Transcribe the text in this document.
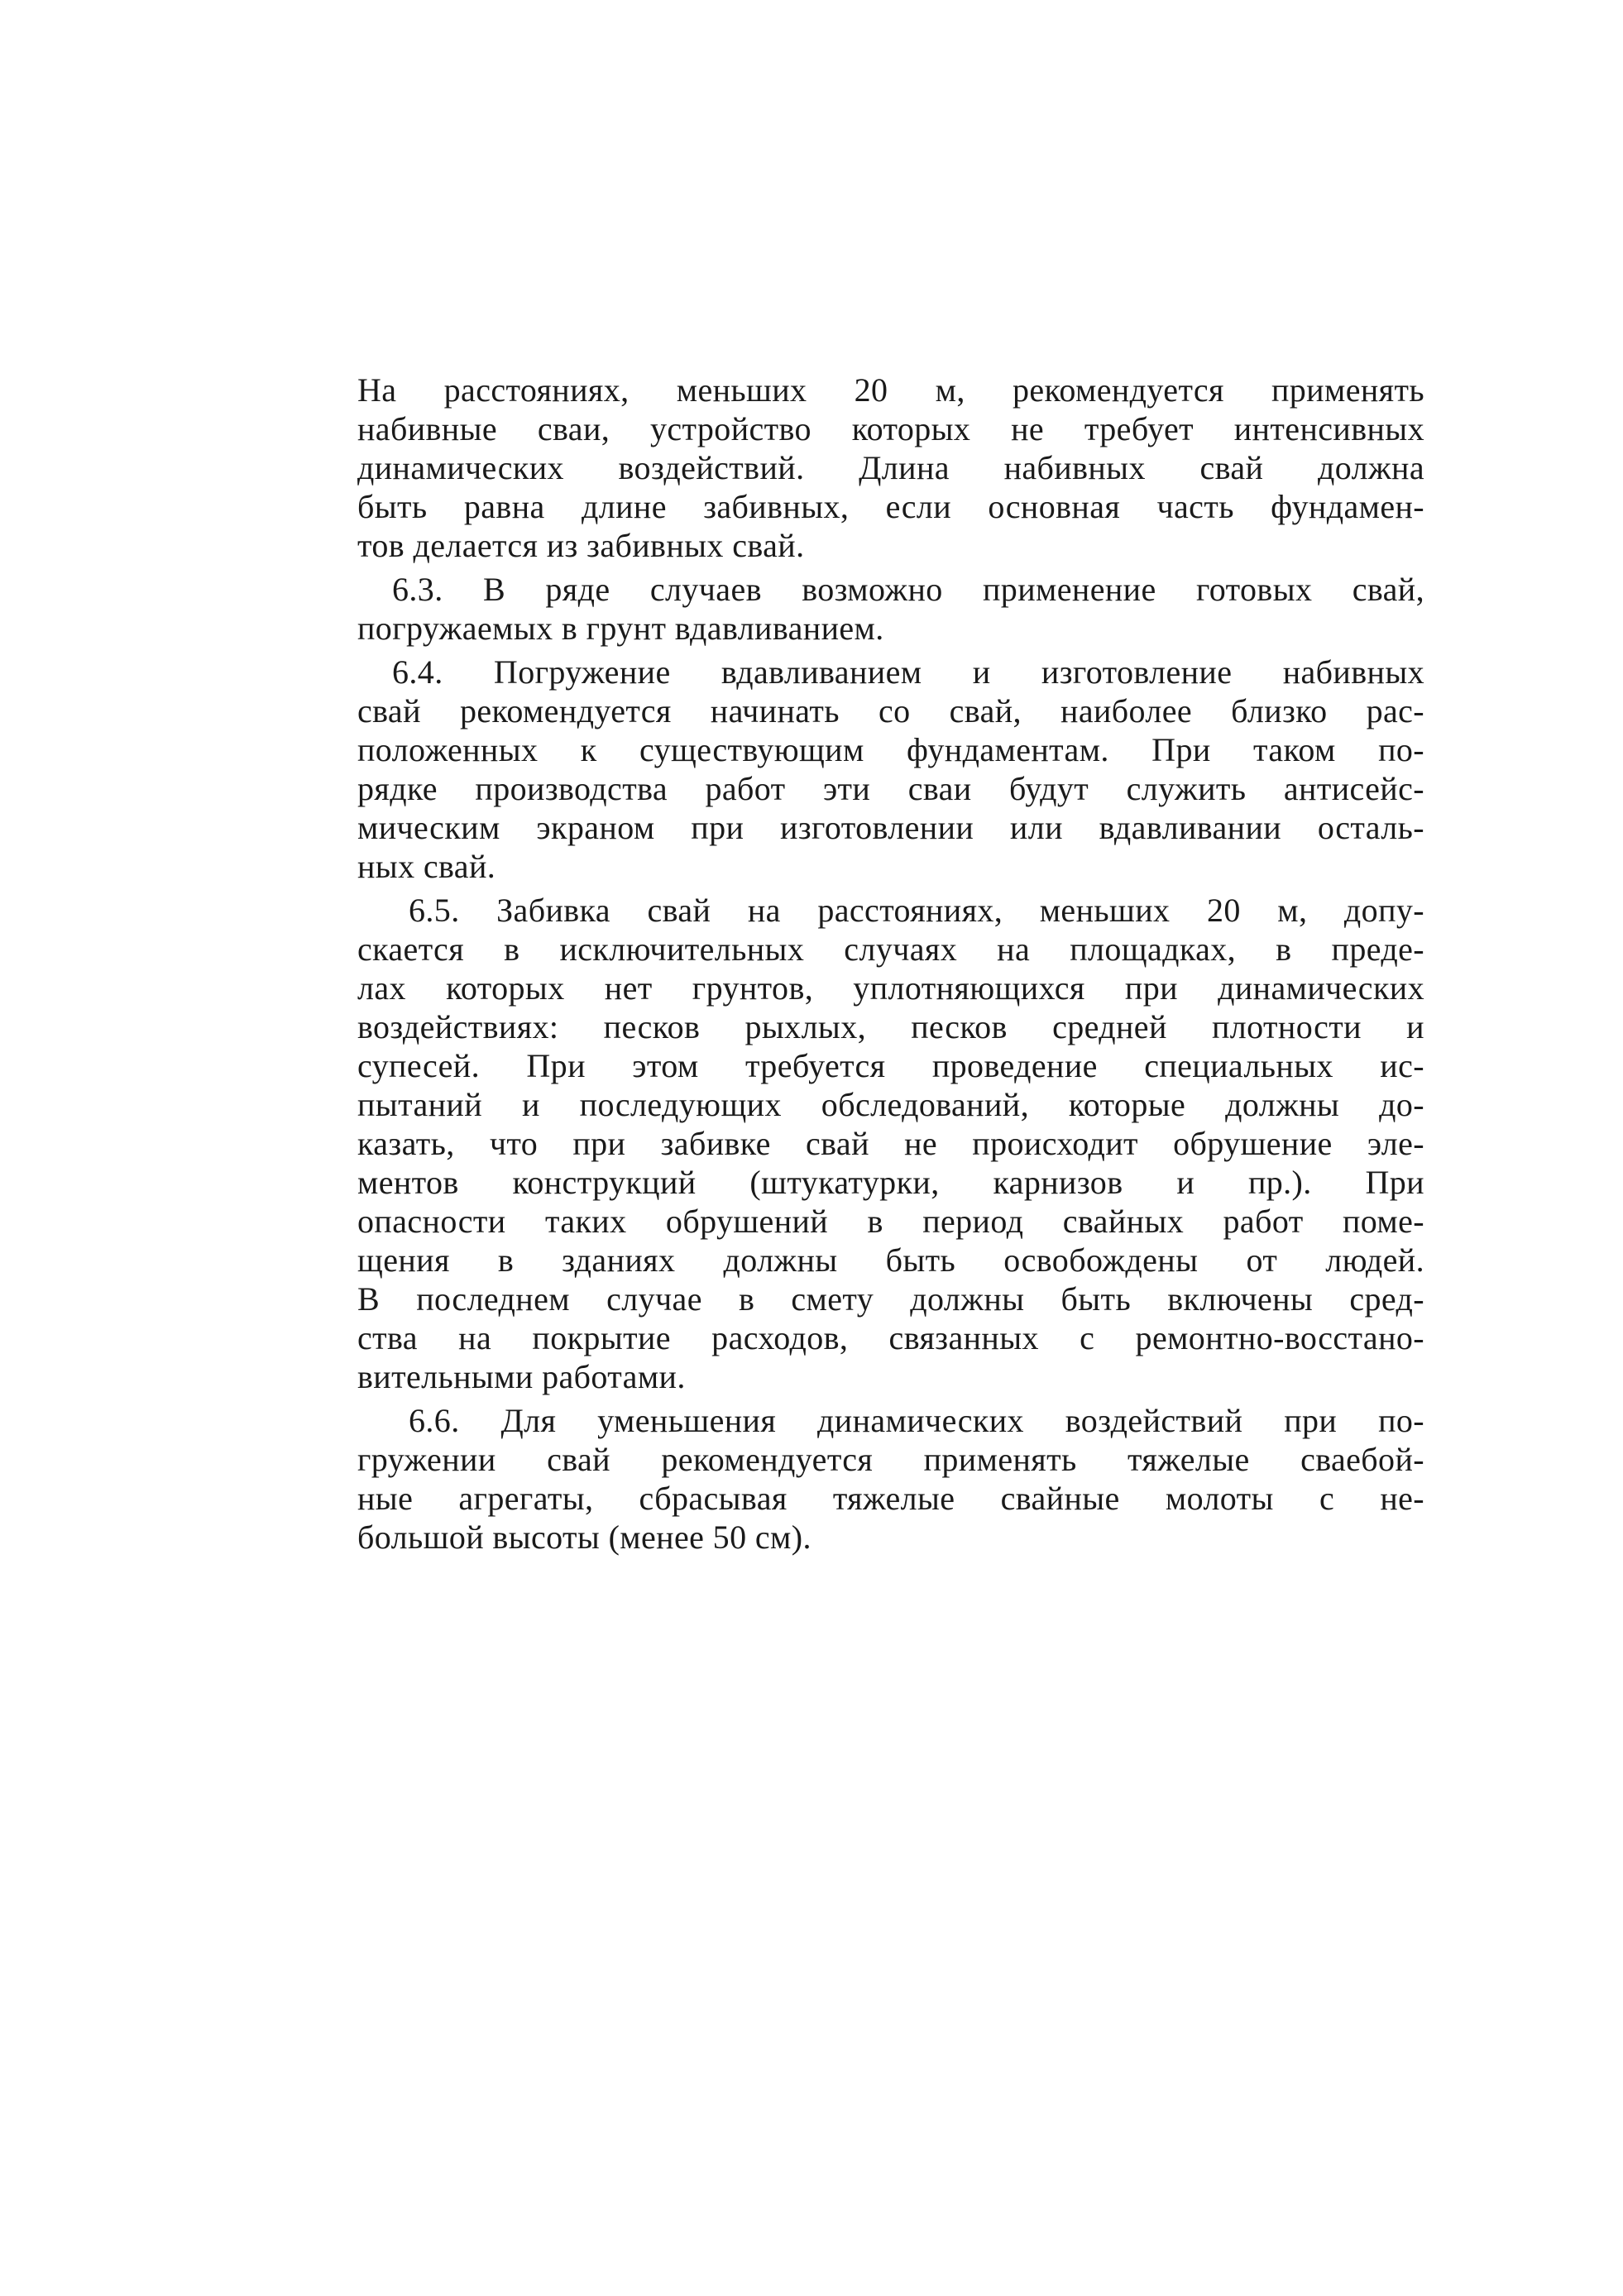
На расстояниях, меньших 20 м, рекомендуется применять
набивные сваи, устройство которых не требует интенсивных
динамических воздействий. Длина набивных свай должна
быть равна длине забивных, если основная часть фундамен-
тов делается из забивных свай.
6.3. В ряде случаев возможно применение готовых свай,
погружаемых в грунт вдавливанием.
6.4. Погружение вдавливанием и изготовление набивных
свай рекомендуется начинать со свай, наиболее близко рас-
положенных к существующим фундаментам. При таком по-
рядке производства работ эти сваи будут служить антисейс-
мическим экраном при изготовлении или вдавливании осталь-
ных свай.
6.5. Забивка свай на расстояниях, меньших 20 м, допу-
скается в исключительных случаях на площадках, в преде-
лах которых нет грунтов, уплотняющихся при динамических
воздействиях: песков рыхлых, песков средней плотности и
супесей. При этом требуется проведение специальных ис-
пытаний и последующих обследований, которые должны до-
казать, что при забивке свай не происходит обрушение эле-
ментов конструкций (штукатурки, карнизов и пр.). При
опасности таких обрушений в период свайных работ поме-
щения в зданиях должны быть освобождены от людей.
В последнем случае в смету должны быть включены сред-
ства на покрытие расходов, связанных с ремонтно-восстано-
вительными работами.
6.6. Для уменьшения динамических воздействий при по-
гружении свай рекомендуется применять тяжелые сваебой-
ные агрегаты, сбрасывая тяжелые свайные молоты с не-
большой высоты (менее 50 см).
